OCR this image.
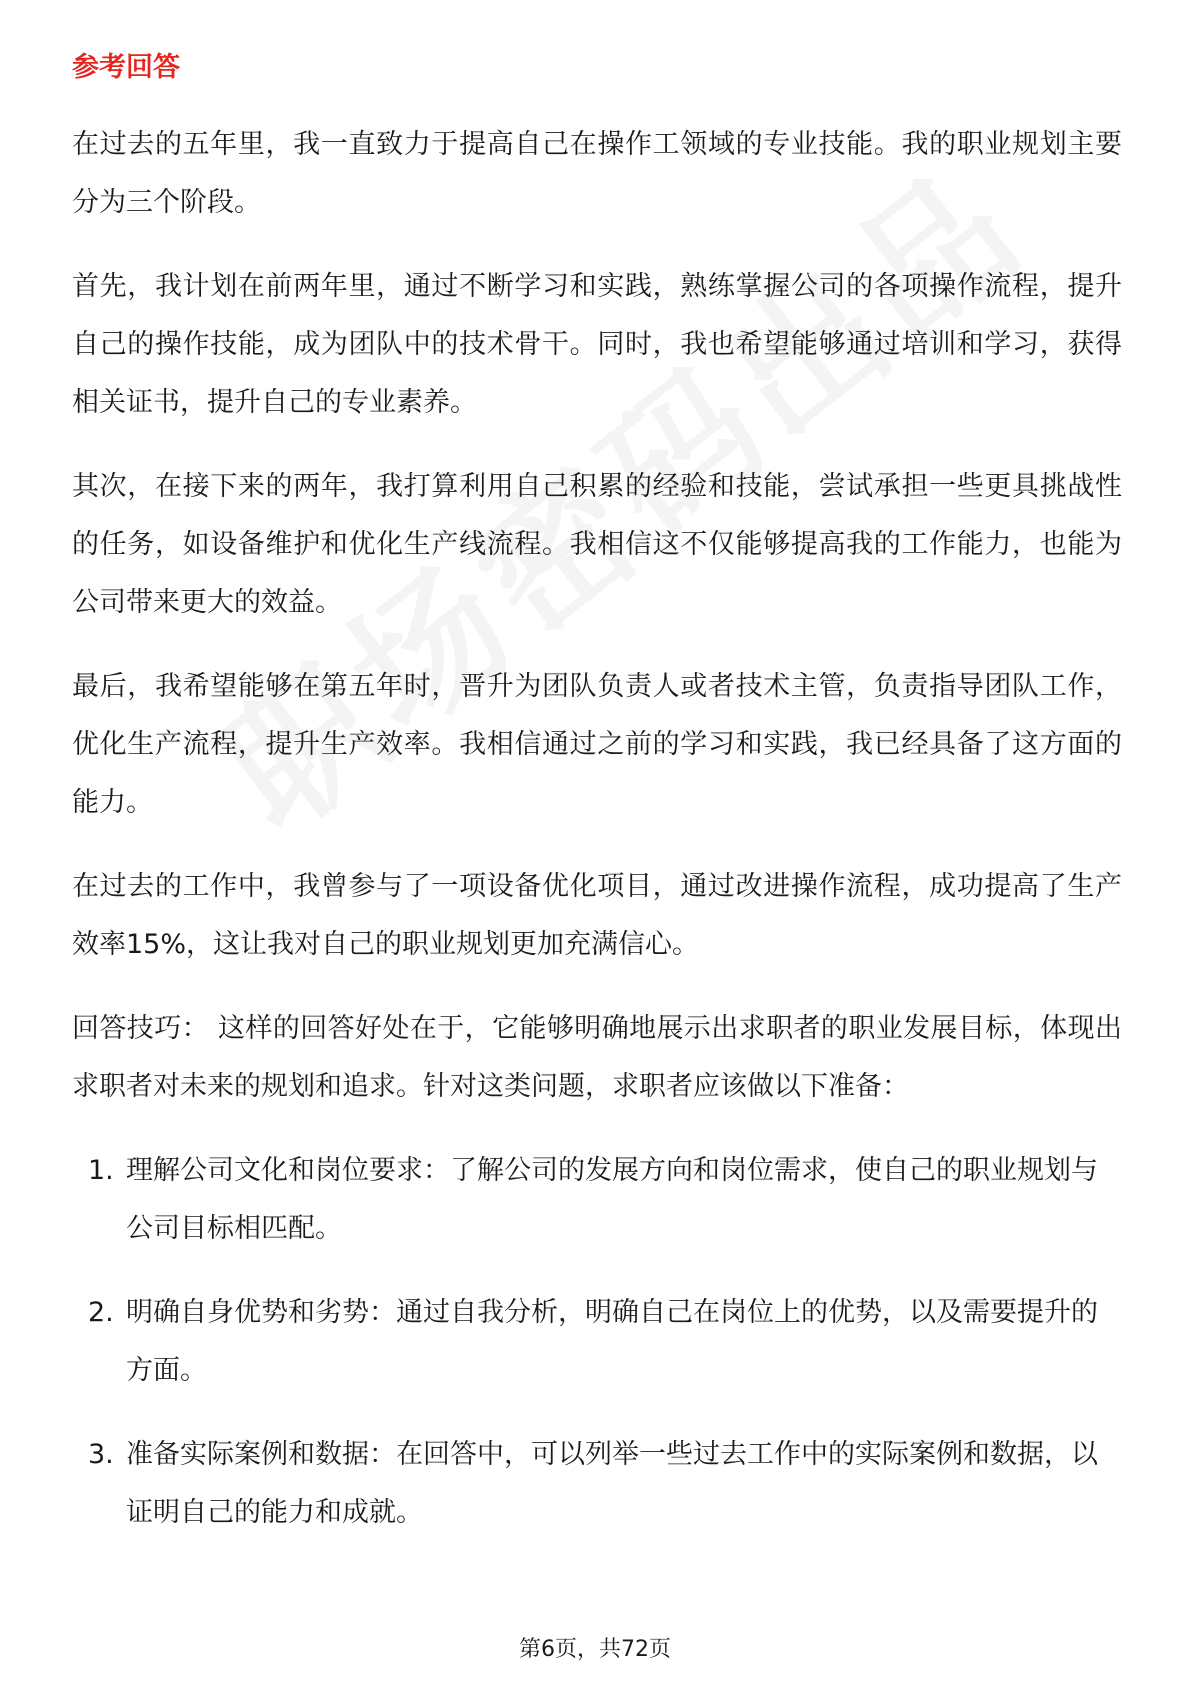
参考回答

在过去的五年里，我一直致力于提高自己在操作工领域的专业技能。我的职业规划主要分为三个阶段。

首先，我计划在前两年里，通过不断学习和实践，熟练掌握公司的各项操作流程，提升自己的操作技能，成为团队中的技术骨干。同时，我也希望能够通过培训和学习，获得相关证书，提升自己的专业素养。

其次，在接下来的两年，我打算利用自己积累的经验和技能，尝试承担一些更具挑战性的任务，如设备维护和优化生产线流程。我相信这不仅能够提高我的工作能力，也能为公司带来更大的效益。

最后，我希望能够在第五年时，晋升为团队负责人或者技术主管，负责指导团队工作，优化生产流程，提升生产效率。我相信通过之前的学习和实践，我已经具备了这方面的能力。

在过去的工作中，我曾参与了一项设备优化项目，通过改进操作流程，成功提高了生产效率15%，这让我对自己的职业规划更加充满信心。

回答技巧： 这样的回答好处在于，它能够明确地展示出求职者的职业发展目标，体现出求职者对未来的规划和追求。针对这类问题，求职者应该做以下准备：

1. 理解公司文化和岗位要求：了解公司的发展方向和岗位需求，使自己的职业规划与公司目标相匹配。
2. 明确自身优势和劣势：通过自我分析，明确自己在岗位上的优势，以及需要提升的方面。
3. 准备实际案例和数据：在回答中，可以列举一些过去工作中的实际案例和数据，以证明自己的能力和成就。
第6页，共72页
